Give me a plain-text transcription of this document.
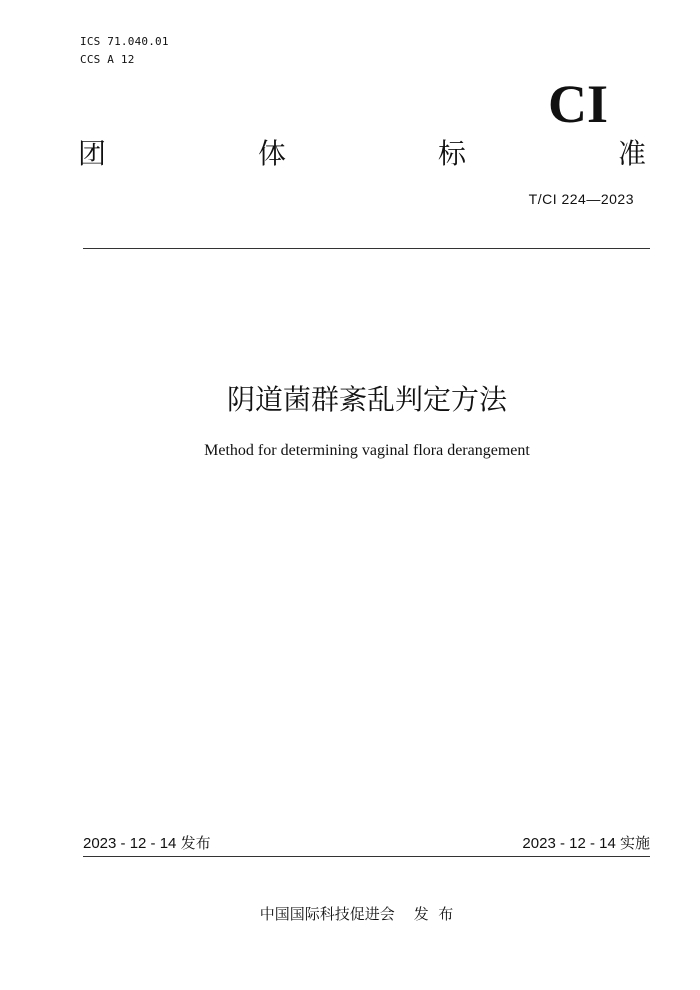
ICS 71.040.01
CCS A 12
CI
团	体	标	准
T/CI 224—2023
阴道菌群紊乱判定方法
Method for determining vaginal flora derangement
2023 - 12 - 14 发布	2023 - 12 - 14 实施
中国国际科技促进会    发  布
